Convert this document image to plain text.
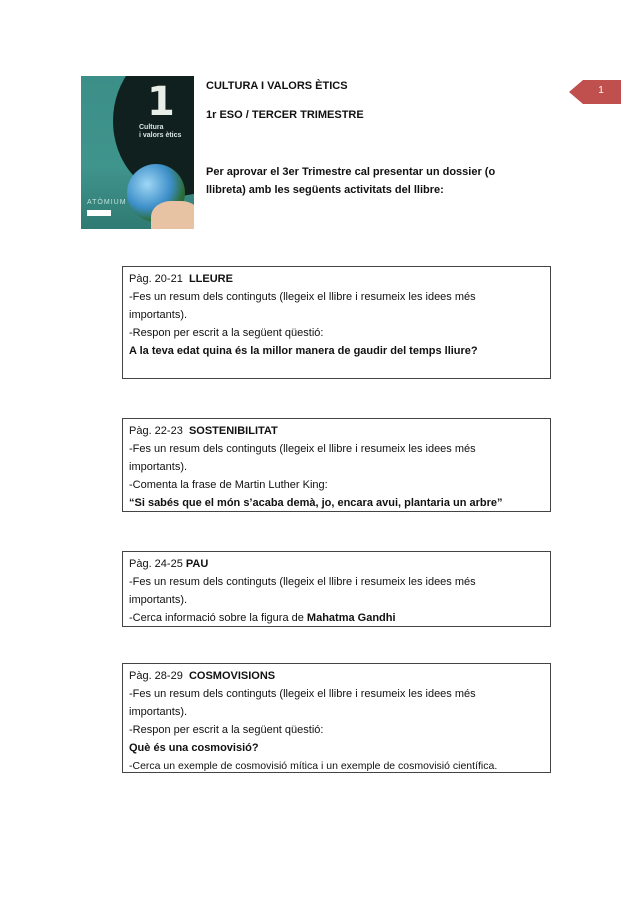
1
Cultura
i valors ètics
ATÒMIUM
CULTURA I VALORS ÈTICS
1r ESO / TERCER TRIMESTRE
Per aprovar el 3er Trimestre cal presentar un dossier (o llibreta) amb les següents activitats del llibre:
1
Pàg. 20-21 LLEURE
-Fes un resum dels continguts (llegeix el llibre i resumeix les idees més
importants).
-Respon per escrit a la següent qüestió:
A la teva edat quina és la millor manera de gaudir del temps lliure?
Pàg. 22-23 SOSTENIBILITAT
-Fes un resum dels continguts (llegeix el llibre i resumeix les idees més
importants).
-Comenta la frase de Martin Luther King:
“Si sabés que el món s’acaba demà, jo, encara avui, plantaria un arbre”
Pàg. 24-25 PAU
-Fes un resum dels continguts (llegeix el llibre i resumeix les idees més
importants).
-Cerca informació sobre la figura de Mahatma Gandhi
Pàg. 28-29 COSMOVISIONS
-Fes un resum dels continguts (llegeix el llibre i resumeix les idees més
importants).
-Respon per escrit a la següent qüestió:
Què és una cosmovisió?
-Cerca un exemple de cosmovisió mítica i un exemple de cosmovisió científica.
